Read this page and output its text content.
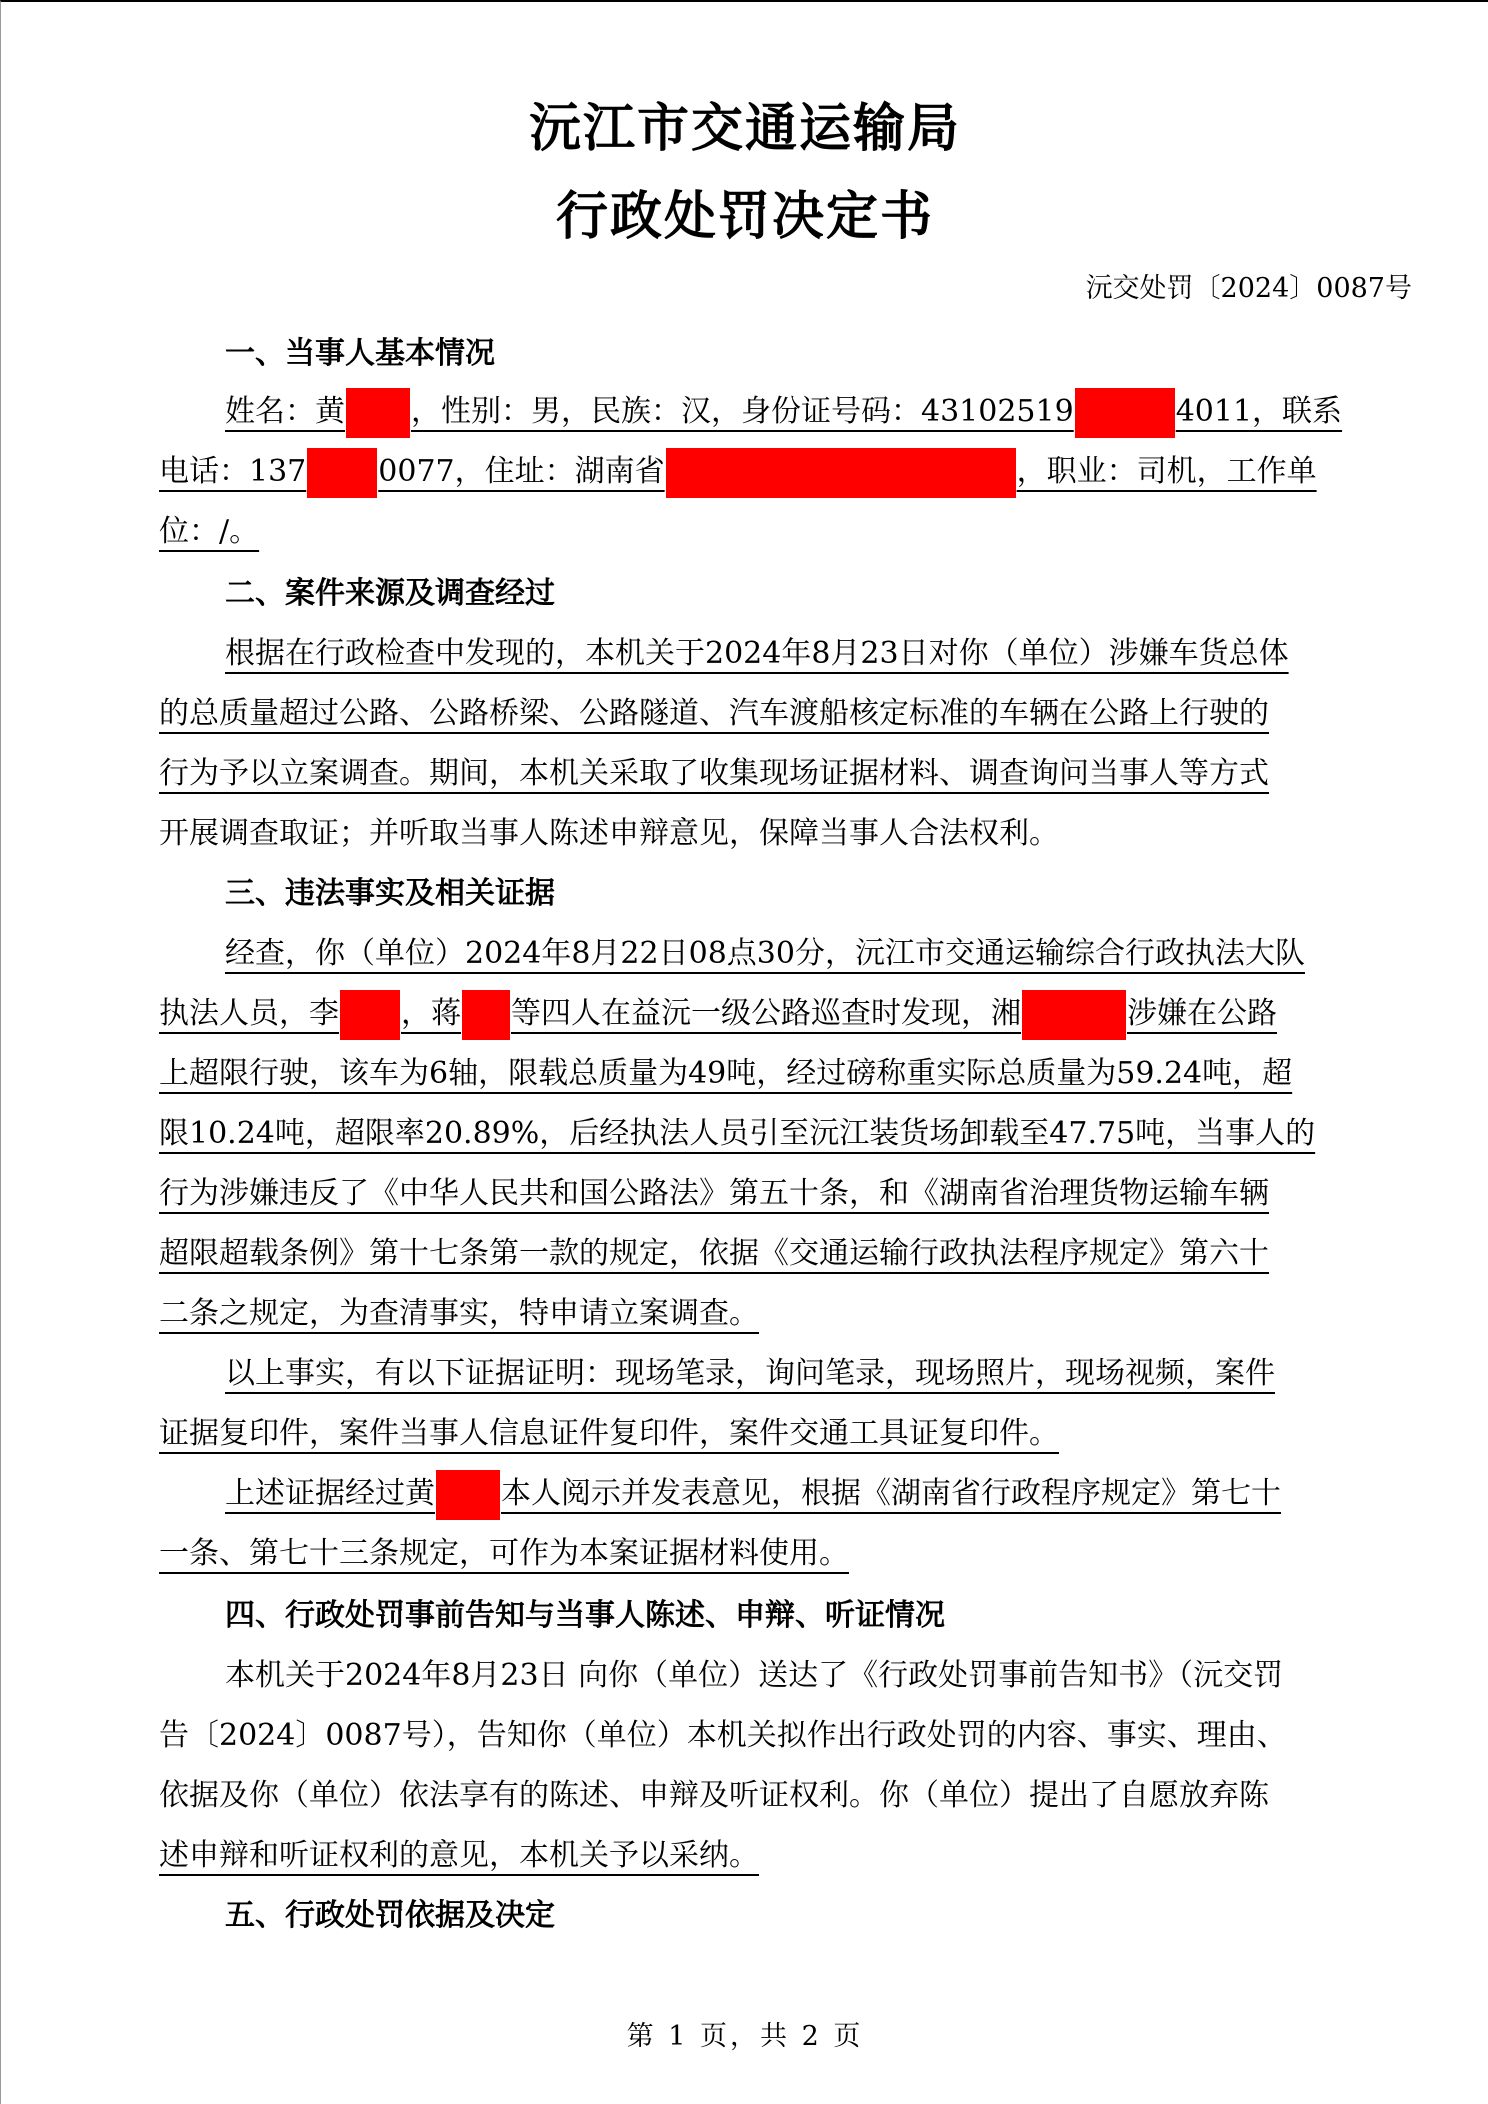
沅江市交通运输局
行政处罚决定书
沅交处罚〔2024〕0087号
一、当事人基本情况
姓名：黄 ，性别：男，民族：汉，身份证号码：43102519	4011，联系
电话：137 0077，住址：湖南省	，职业：司机，工作单
位：/。
二、案件来源及调查经过
根据在行政检查中发现的，本机关于2024年8月23日对你（单位）涉嫌车货总体
的总质量超过公路、公路桥梁、公路隧道、汽车渡船核定标准的车辆在公路上行驶的
行为予以立案调查。期间，本机关采取了收集现场证据材料、调查询问当事人等方式
开展调查取证；并听取当事人陈述申辩意见，保障当事人合法权利。
三、违法事实及相关证据
经查，你（单位）2024年8月22日08点30分，沅江市交通运输综合行政执法大队
执法人员，李 ，蒋 等四人在益沅一级公路巡查时发现，湘	涉嫌在公路
上超限行驶，该车为6轴，限载总质量为49吨，经过磅称重实际总质量为59.24吨，超
限10.24吨，超限率20.89%，后经执法人员引至沅江装货场卸载至47.75吨，当事人的
行为涉嫌违反了《中华人民共和国公路法》第五十条，和《湖南省治理货物运输车辆
超限超载条例》第十七条第一款的规定，依据《交通运输行政执法程序规定》第六十
二条之规定，为查清事实，特申请立案调查。
以上事实，有以下证据证明：现场笔录，询问笔录，现场照片，现场视频，案件
证据复印件，案件当事人信息证件复印件，案件交通工具证复印件。
上述证据经过黄 本人阅示并发表意见，根据《湖南省行政程序规定》第七十
一条、第七十三条规定，可作为本案证据材料使用。
四、行政处罚事前告知与当事人陈述、申辩、听证情况
本机关于2024年8月23日 向你（单位）送达了《行政处罚事前告知书》（沅交罚
告〔2024〕0087号），告知你（单位）本机关拟作出行政处罚的内容、事实、理由、
依据及你（单位）依法享有的陈述、申辩及听证权利。你（单位）提出了自愿放弃陈
述申辩和听证权利的意见，本机关予以采纳。
五、行政处罚依据及决定
第 1 页，共 2 页
